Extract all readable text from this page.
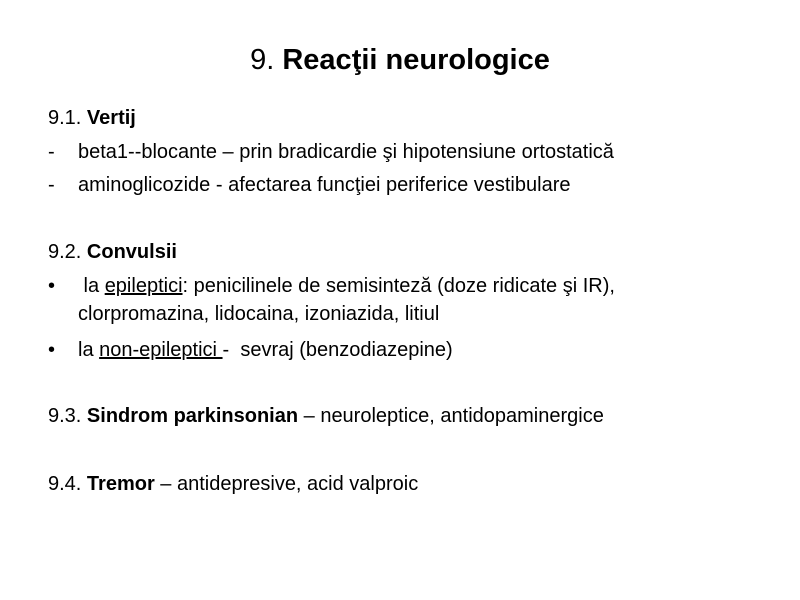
9. Reacţii neurologice
9.1. Vertij
- beta1--blocante – prin bradicardie şi hipotensiune ortostatică
- aminoglicozide - afectarea funcţiei periferice vestibulare
9.2. Convulsii
• la epileptici: penicilinele de semisinteză (doze ridicate şi IR),
clorpromazina, lidocaina, izoniazida, litiul
• la non-epileptici -  sevraj (benzodiazepine)
9.3. Sindrom parkinsonian – neuroleptice, antidopaminergice
9.4. Tremor – antidepresive, acid valproic
